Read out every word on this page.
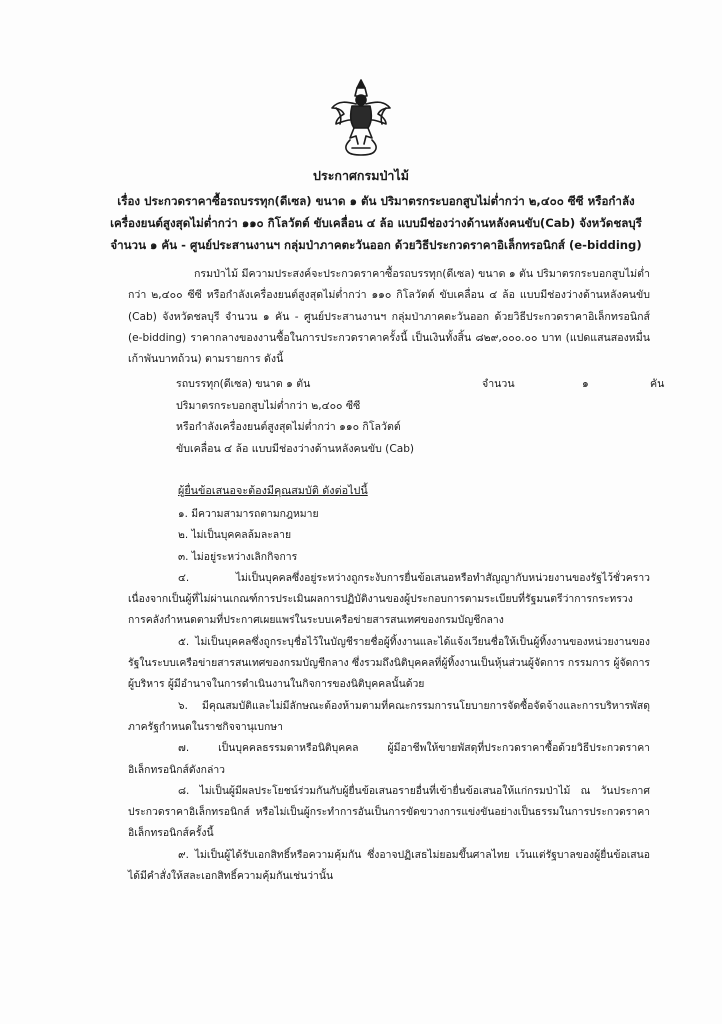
ประกาศกรมป่าไม้
เรื่อง ประกวดราคาซื้อรถบรรทุก(ดีเซล) ขนาด ๑ ตัน ปริมาตรกระบอกสูบไม่ต่ำกว่า ๒,๔๐๐ ซีซี หรือกำลัง
เครื่องยนต์สูงสุดไม่ต่ำกว่า ๑๑๐ กิโลวัตต์ ขับเคลื่อน ๔ ล้อ แบบมีช่องว่างด้านหลังคนขับ(Cab) จังหวัดชลบุรี
จำนวน ๑ คัน - ศูนย์ประสานงานฯ กลุ่มป่าภาคตะวันออก ด้วยวิธีประกวดราคาอิเล็กทรอนิกส์ (e-bidding)
กรมป่าไม้ มีความประสงค์จะประกวดราคาซื้อรถบรรทุก(ดีเซล) ขนาด ๑ ตัน ปริมาตรกระบอกสูบไม่ต่ำกว่า ๒,๔๐๐ ซีซี หรือกำลังเครื่องยนต์สูงสุดไม่ต่ำกว่า ๑๑๐ กิโลวัตต์ ขับเคลื่อน ๔ ล้อ แบบมีช่องว่างด้านหลังคนขับ (Cab) จังหวัดชลบุรี จำนวน ๑ คัน - ศูนย์ประสานงานฯ กลุ่มป่าภาคตะวันออก ด้วยวิธีประกวดราคาอิเล็กทรอนิกส์ (e-bidding) ราคากลางของงานซื้อในการประกวดราคาครั้งนี้ เป็นเงินทั้งสิ้น ๘๒๙,๐๐๐.๐๐ บาท (แปดแสนสองหมื่นเก้าพันบาทถ้วน) ตามรายการ ดังนี้
รถบรรทุก(ดีเซล) ขนาด ๑ ตัน	จำนวน	๑	คัน
ปริมาตรกระบอกสูบไม่ต่ำกว่า ๒,๔๐๐ ซีซี
หรือกำลังเครื่องยนต์สูงสุดไม่ต่ำกว่า ๑๑๐ กิโลวัตต์
ขับเคลื่อน ๔ ล้อ แบบมีช่องว่างด้านหลังคนขับ (Cab)
ผู้ยื่นข้อเสนอจะต้องมีคุณสมบัติ ดังต่อไปนี้
๑. มีความสามารถตามกฎหมาย
๒. ไม่เป็นบุคคลล้มละลาย
๓. ไม่อยู่ระหว่างเลิกกิจการ
๔. ไม่เป็นบุคคลซึ่งอยู่ระหว่างถูกระงับการยื่นข้อเสนอหรือทำสัญญากับหน่วยงานของรัฐไว้ชั่วคราว เนื่องจากเป็นผู้ที่ไม่ผ่านเกณฑ์การประเมินผลการปฏิบัติงานของผู้ประกอบการตามระเบียบที่รัฐมนตรีว่าการกระทรวงการคลังกำหนดตามที่ประกาศเผยแพร่ในระบบเครือข่ายสารสนเทศของกรมบัญชีกลาง
๕. ไม่เป็นบุคคลซึ่งถูกระบุชื่อไว้ในบัญชีรายชื่อผู้ทิ้งงานและได้แจ้งเวียนชื่อให้เป็นผู้ทิ้งงานของหน่วยงานของรัฐในระบบเครือข่ายสารสนเทศของกรมบัญชีกลาง ซึ่งรวมถึงนิติบุคคลที่ผู้ทิ้งงานเป็นหุ้นส่วนผู้จัดการ กรรมการ ผู้จัดการ ผู้บริหาร ผู้มีอำนาจในการดำเนินงานในกิจการของนิติบุคคลนั้นด้วย
๖. มีคุณสมบัติและไม่มีลักษณะต้องห้ามตามที่คณะกรรมการนโยบายการจัดซื้อจัดจ้างและการบริหารพัสดุภาครัฐกำหนดในราชกิจจานุเบกษา
๗. เป็นบุคคลธรรมดาหรือนิติบุคคล ผู้มีอาชีพให้ขายพัสดุที่ประกวดราคาซื้อด้วยวิธีประกวดราคาอิเล็กทรอนิกส์ดังกล่าว
๘. ไม่เป็นผู้มีผลประโยชน์ร่วมกันกับผู้ยื่นข้อเสนอรายอื่นที่เข้ายื่นข้อเสนอให้แก่กรมป่าไม้ ณ วันประกาศประกวดราคาอิเล็กทรอนิกส์ หรือไม่เป็นผู้กระทำการอันเป็นการขัดขวางการแข่งขันอย่างเป็นธรรมในการประกวดราคาอิเล็กทรอนิกส์ครั้งนี้
๙. ไม่เป็นผู้ได้รับเอกสิทธิ์หรือความคุ้มกัน ซึ่งอาจปฏิเสธไม่ยอมขึ้นศาลไทย เว้นแต่รัฐบาลของผู้ยื่นข้อเสนอได้มีคำสั่งให้สละเอกสิทธิ์ความคุ้มกันเช่นว่านั้น
